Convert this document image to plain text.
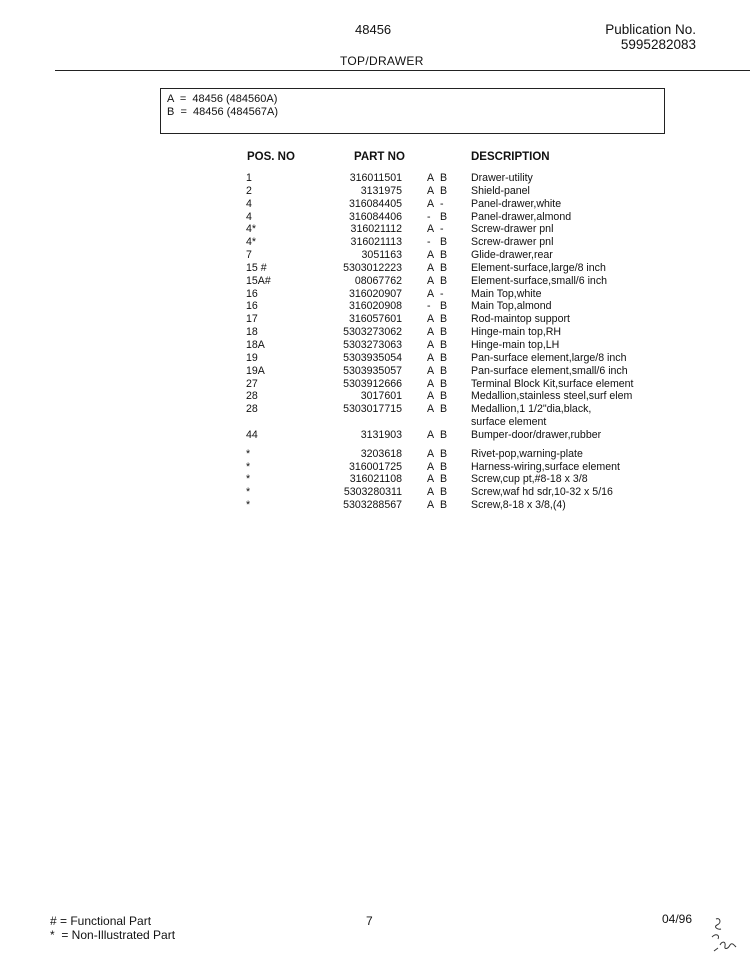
48456	Publication No.
5995282083
TOP/DRAWER
A  =  48456 (484560A)
B  =  48456 (484567A)
POS. NO	PART NO	DESCRIPTION
1	316011501 A B Drawer-utility
2	3131975 A B Shield-panel
4	316084405 A -	Panel-drawer,white
4	316084406 - B Panel-drawer,almond
4*	316021112 A -	Screw-drawer pnl
4*	316021113 - B Screw-drawer pnl
7	3051163 A B Glide-drawer,rear
15 #	5303012223 A B Element-surface,large/8 inch
15A#	08067762 A B Element-surface,small/6 inch
16	316020907 A -	Main Top,white
16	316020908 - B Main Top,almond
17	316057601 A B Rod-maintop support
18	5303273062 A B Hinge-main top,RH
18A	5303273063 A B Hinge-main top,LH
19	5303935054 A B Pan-surface element,large/8 inch
19A	5303935057 A B Pan-surface element,small/6 inch
27	5303912666 A B Terminal Block Kit,surface element
28	3017601 A B Medallion,stainless steel,surf elem
28	5303017715 A B Medallion,1 1/2"dia,black,
surface element
44	3131903 A B Bumper-door/drawer,rubber
*	3203618 A B Rivet-pop,warning-plate
*	316001725 A B Harness-wiring,surface element
*	316021108 A B Screw,cup pt,#8-18 x 3/8
*	5303280311 A B Screw,waf hd sdr,10-32 x 5/16
*	5303288567 A B Screw,8-18 x 3/8,(4)
# = Functional Part
*  = Non-Illustrated Part
7	04/96
